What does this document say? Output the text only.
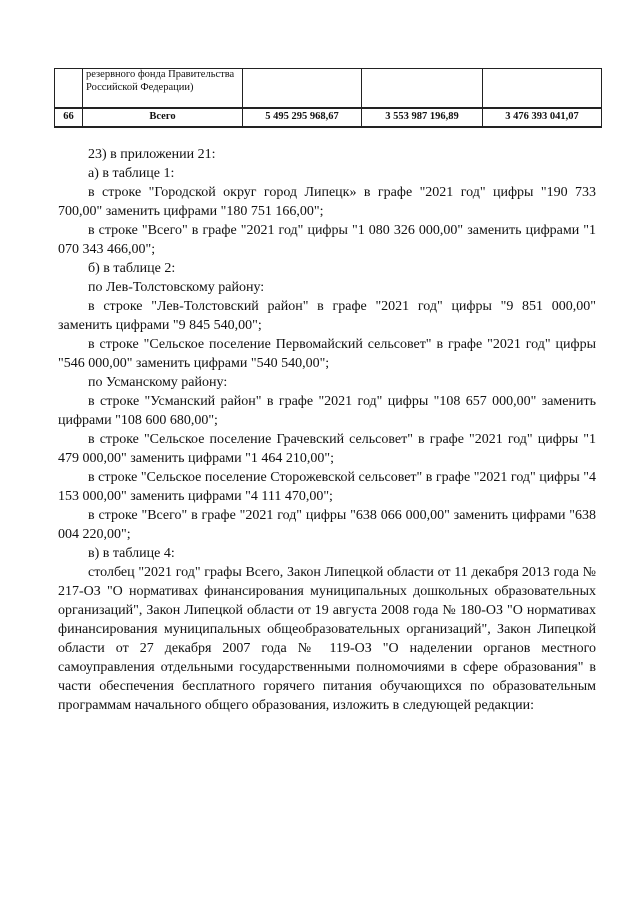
	резервного фонда Правительства Российской Федерации)			
66	Всего	5 495 295 968,67	3 553 987 196,89	3 476 393 041,07

23) в приложении 21:

а) в таблице 1:

в строке "Городской округ город Липецк» в графе "2021 год" цифры "190 733 700,00" заменить цифрами "180 751 166,00";

в строке "Всего" в графе "2021 год" цифры "1 080 326 000,00" заменить цифрами "1 070 343 466,00";

б) в таблице 2:

по Лев-Толстовскому району:

в строке "Лев-Толстовский район" в графе "2021 год" цифры "9 851 000,00" заменить цифрами "9 845 540,00";

в строке "Сельское поселение Первомайский сельсовет" в графе "2021 год" цифры "546 000,00" заменить цифрами "540 540,00";

по Усманскому району:

в строке "Усманский район" в графе "2021 год" цифры "108 657 000,00" заменить цифрами "108 600 680,00";

в строке "Сельское поселение Грачевский сельсовет" в графе "2021 год" цифры "1 479 000,00" заменить цифрами "1 464 210,00";

в строке "Сельское поселение Сторожевской сельсовет" в графе "2021 год" цифры "4 153 000,00" заменить цифрами "4 111 470,00";

в строке "Всего" в графе "2021 год" цифры "638 066 000,00" заменить цифрами "638 004 220,00";

в) в таблице 4:

столбец "2021 год" графы Всего, Закон Липецкой области от 11 декабря 2013 года № 217-ОЗ "О нормативах финансирования муниципальных дошкольных образовательных организаций", Закон Липецкой области от 19 августа 2008 года № 180-ОЗ "О нормативах финансирования муниципальных общеобразовательных организаций", Закон Липецкой области от 27 декабря 2007 года № 119-ОЗ "О наделении органов местного самоуправления отдельными государственными полномочиями в сфере образования" в части обеспечения бесплатного горячего питания обучающихся по образовательным программам начального общего образования, изложить в следующей редакции:
